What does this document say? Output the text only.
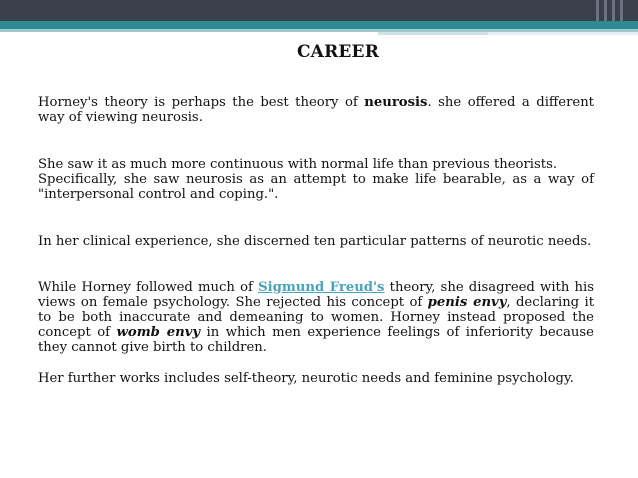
CAREER

Horney's theory is perhaps the best theory of neurosis. she offered a different way of viewing neurosis.

She saw it as much more continuous with normal life than previous theorists.
Specifically, she saw neurosis as an attempt to make life bearable, as a way of "interpersonal control and coping.".

In her clinical experience, she discerned ten particular patterns of neurotic needs.

While Horney followed much of Sigmund Freud's theory, she disagreed with his views on female psychology. She rejected his concept of penis envy, declaring it to be both inaccurate and demeaning to women. Horney instead proposed the concept of womb envy in which men experience feelings of inferiority because they cannot give birth to children.

Her further works includes self-theory, neurotic needs and feminine psychology.
